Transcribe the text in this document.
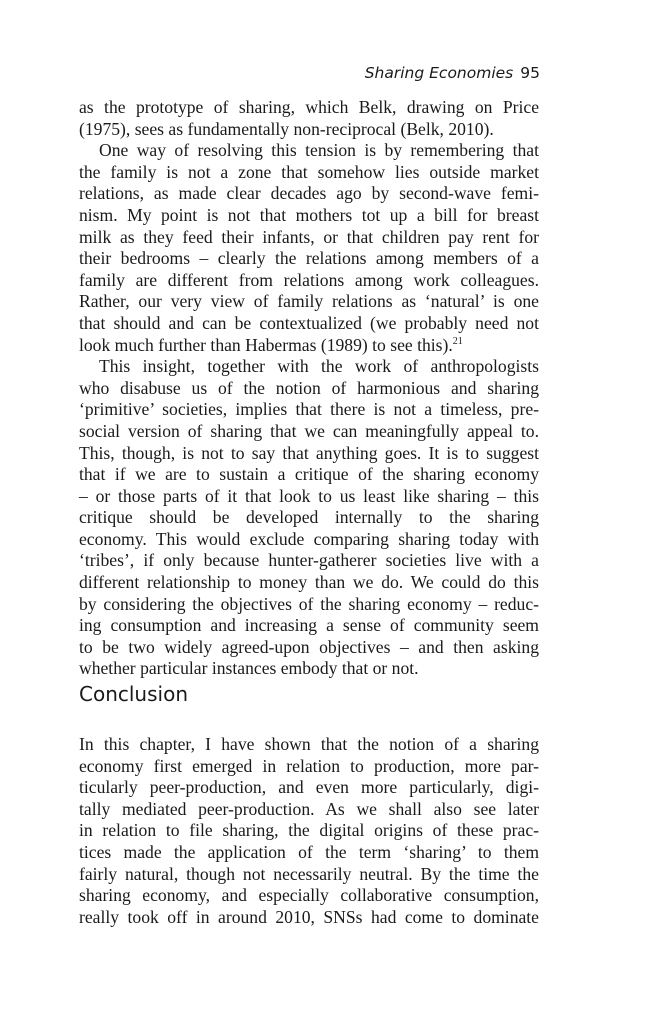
Sharing Economies 95
as the prototype of sharing, which Belk, drawing on Price
(1975), sees as fundamentally non-reciprocal (Belk, 2010).
One way of resolving this tension is by remembering that
the family is not a zone that somehow lies outside market
relations, as made clear decades ago by second-wave femi-
nism. My point is not that mothers tot up a bill for breast
milk as they feed their infants, or that children pay rent for
their bedrooms – clearly the relations among members of a
family are different from relations among work colleagues.
Rather, our very view of family relations as ‘natural’ is one
that should and can be contextualized (we probably need not
look much further than Habermas (1989) to see this).$^{21}$
This insight, together with the work of anthropologists
who disabuse us of the notion of harmonious and sharing
‘primitive’ societies, implies that there is not a timeless, pre-
social version of sharing that we can meaningfully appeal to.
This, though, is not to say that anything goes. It is to suggest
that if we are to sustain a critique of the sharing economy
– or those parts of it that look to us least like sharing – this
critique should be developed internally to the sharing
economy. This would exclude comparing sharing today with
‘tribes’, if only because hunter-gatherer societies live with a
different relationship to money than we do. We could do this
by considering the objectives of the sharing economy – reduc-
ing consumption and increasing a sense of community seem
to be two widely agreed-upon objectives – and then asking
whether particular instances embody that or not.
Conclusion
In this chapter, I have shown that the notion of a sharing
economy first emerged in relation to production, more par-
ticularly peer-production, and even more particularly, digi-
tally mediated peer-production. As we shall also see later
in relation to file sharing, the digital origins of these prac-
tices made the application of the term ‘sharing’ to them
fairly natural, though not necessarily neutral. By the time the
sharing economy, and especially collaborative consumption,
really took off in around 2010, SNSs had come to dominate
